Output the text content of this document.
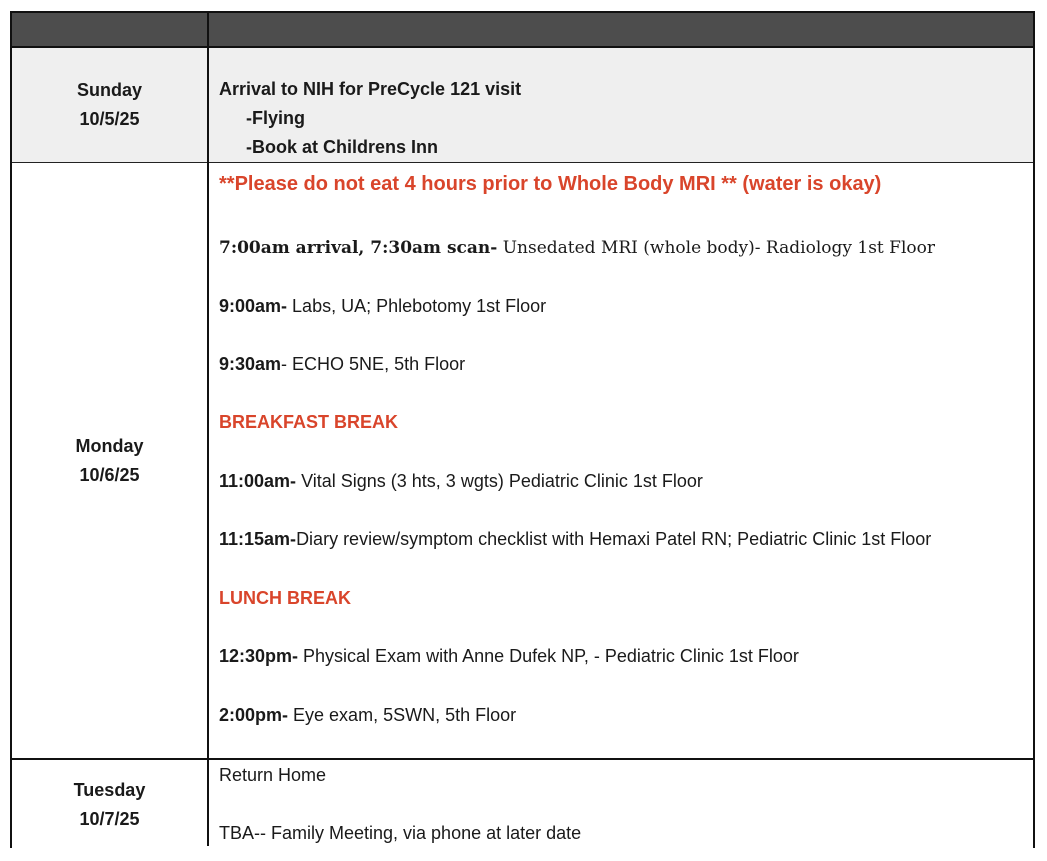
Sunday
10/5/25
Arrival to NIH for PreCycle 121 visit
-Flying
-Book at Childrens Inn
Monday
10/6/25
**Please do not eat 4 hours prior to Whole Body MRI ** (water is okay)
7:00am arrival, 7:30am scan- Unsedated MRI (whole body)- Radiology 1st Floor
9:00am- Labs, UA; Phlebotomy 1st Floor
9:30am- ECHO 5NE, 5th Floor
BREAKFAST BREAK
11:00am- Vital Signs (3 hts, 3 wgts) Pediatric Clinic 1st Floor
11:15am-Diary review/symptom checklist with Hemaxi Patel RN; Pediatric Clinic 1st Floor
LUNCH BREAK
12:30pm- Physical Exam with Anne Dufek NP, - Pediatric Clinic 1st Floor
2:00pm- Eye exam, 5SWN, 5th Floor
Tuesday
10/7/25
Return Home
TBA-- Family Meeting, via phone at later date
